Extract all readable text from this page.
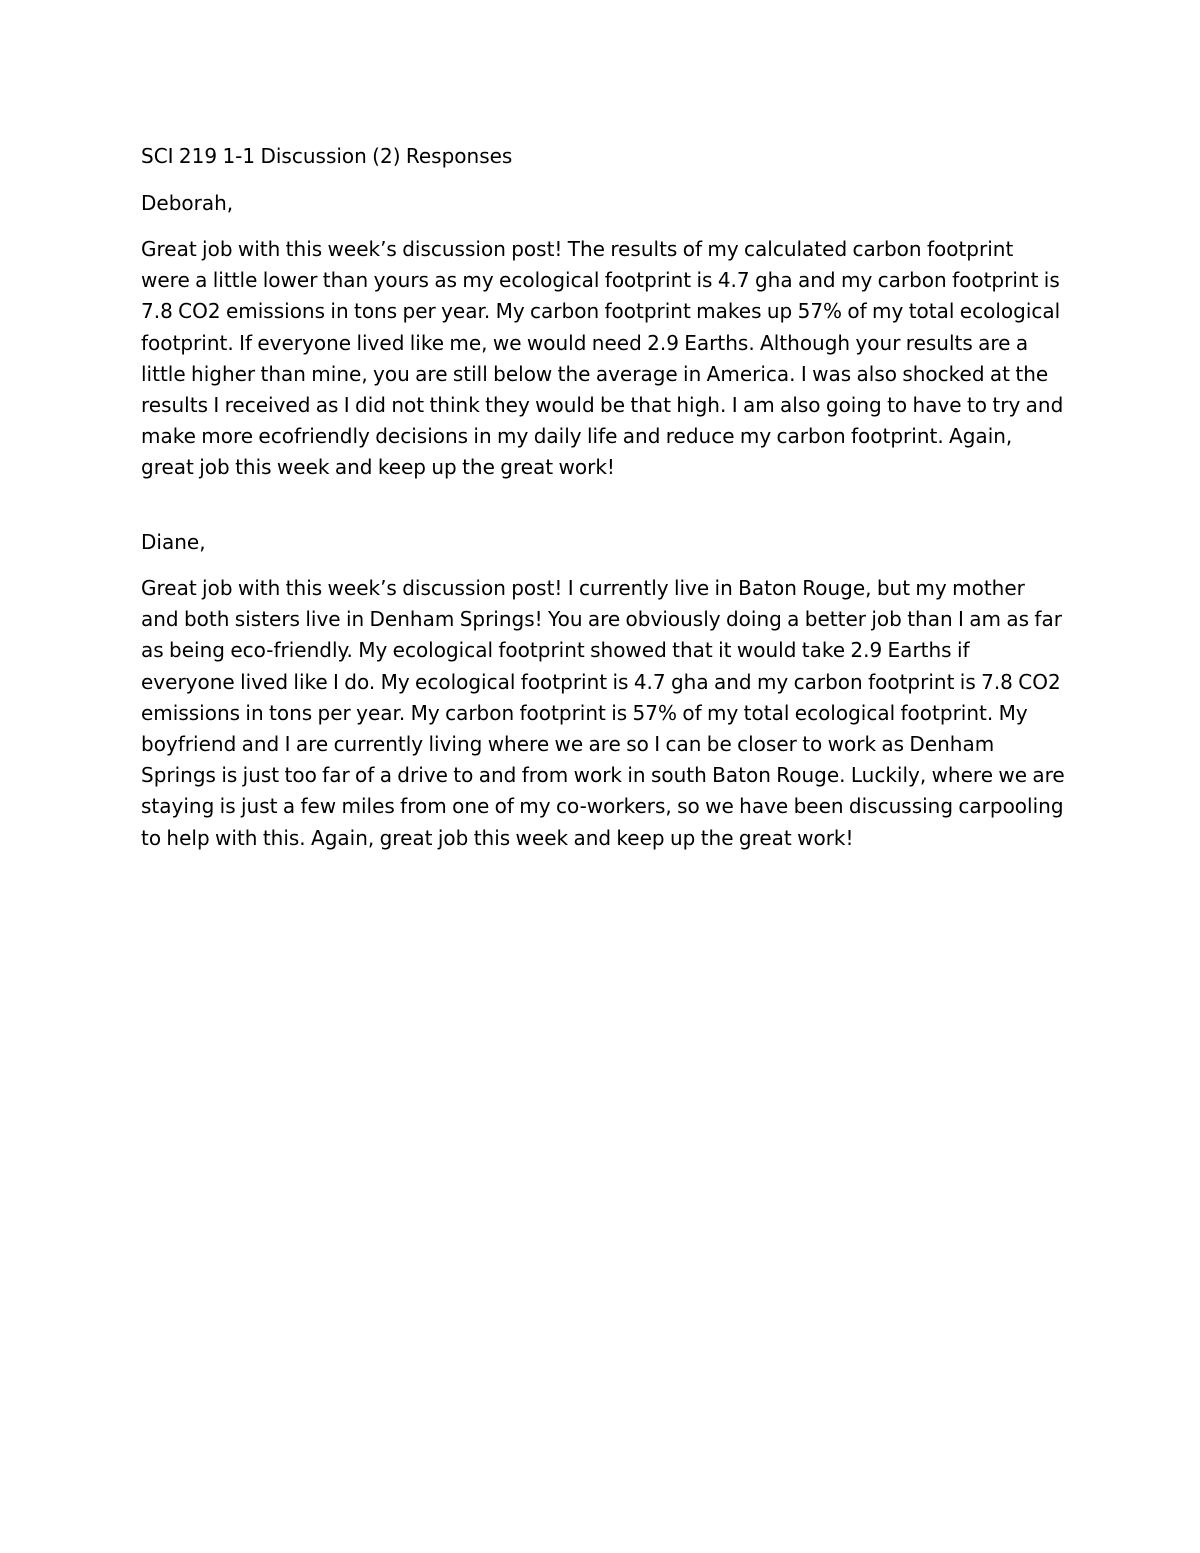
SCI 219 1-1 Discussion (2) Responses
Deborah,
Great job with this week’s discussion post! The results of my calculated carbon footprint were a little lower than yours as my ecological footprint is 4.7 gha and my carbon footprint is 7.8 CO2 emissions in tons per year. My carbon footprint makes up 57% of my total ecological footprint. If everyone lived like me, we would need 2.9 Earths. Although your results are a little higher than mine, you are still below the average in America. I was also shocked at the results I received as I did not think they would be that high. I am also going to have to try and make more ecofriendly decisions in my daily life and reduce my carbon footprint. Again, great job this week and keep up the great work!
Diane,
Great job with this week’s discussion post! I currently live in Baton Rouge, but my mother and both sisters live in Denham Springs! You are obviously doing a better job than I am as far as being eco-friendly. My ecological footprint showed that it would take 2.9 Earths if everyone lived like I do. My ecological footprint is 4.7 gha and my carbon footprint is 7.8 CO2 emissions in tons per year. My carbon footprint is 57% of my total ecological footprint. My boyfriend and I are currently living where we are so I can be closer to work as Denham Springs is just too far of a drive to and from work in south Baton Rouge. Luckily, where we are staying is just a few miles from one of my co-workers, so we have been discussing carpooling to help with this. Again, great job this week and keep up the great work!
